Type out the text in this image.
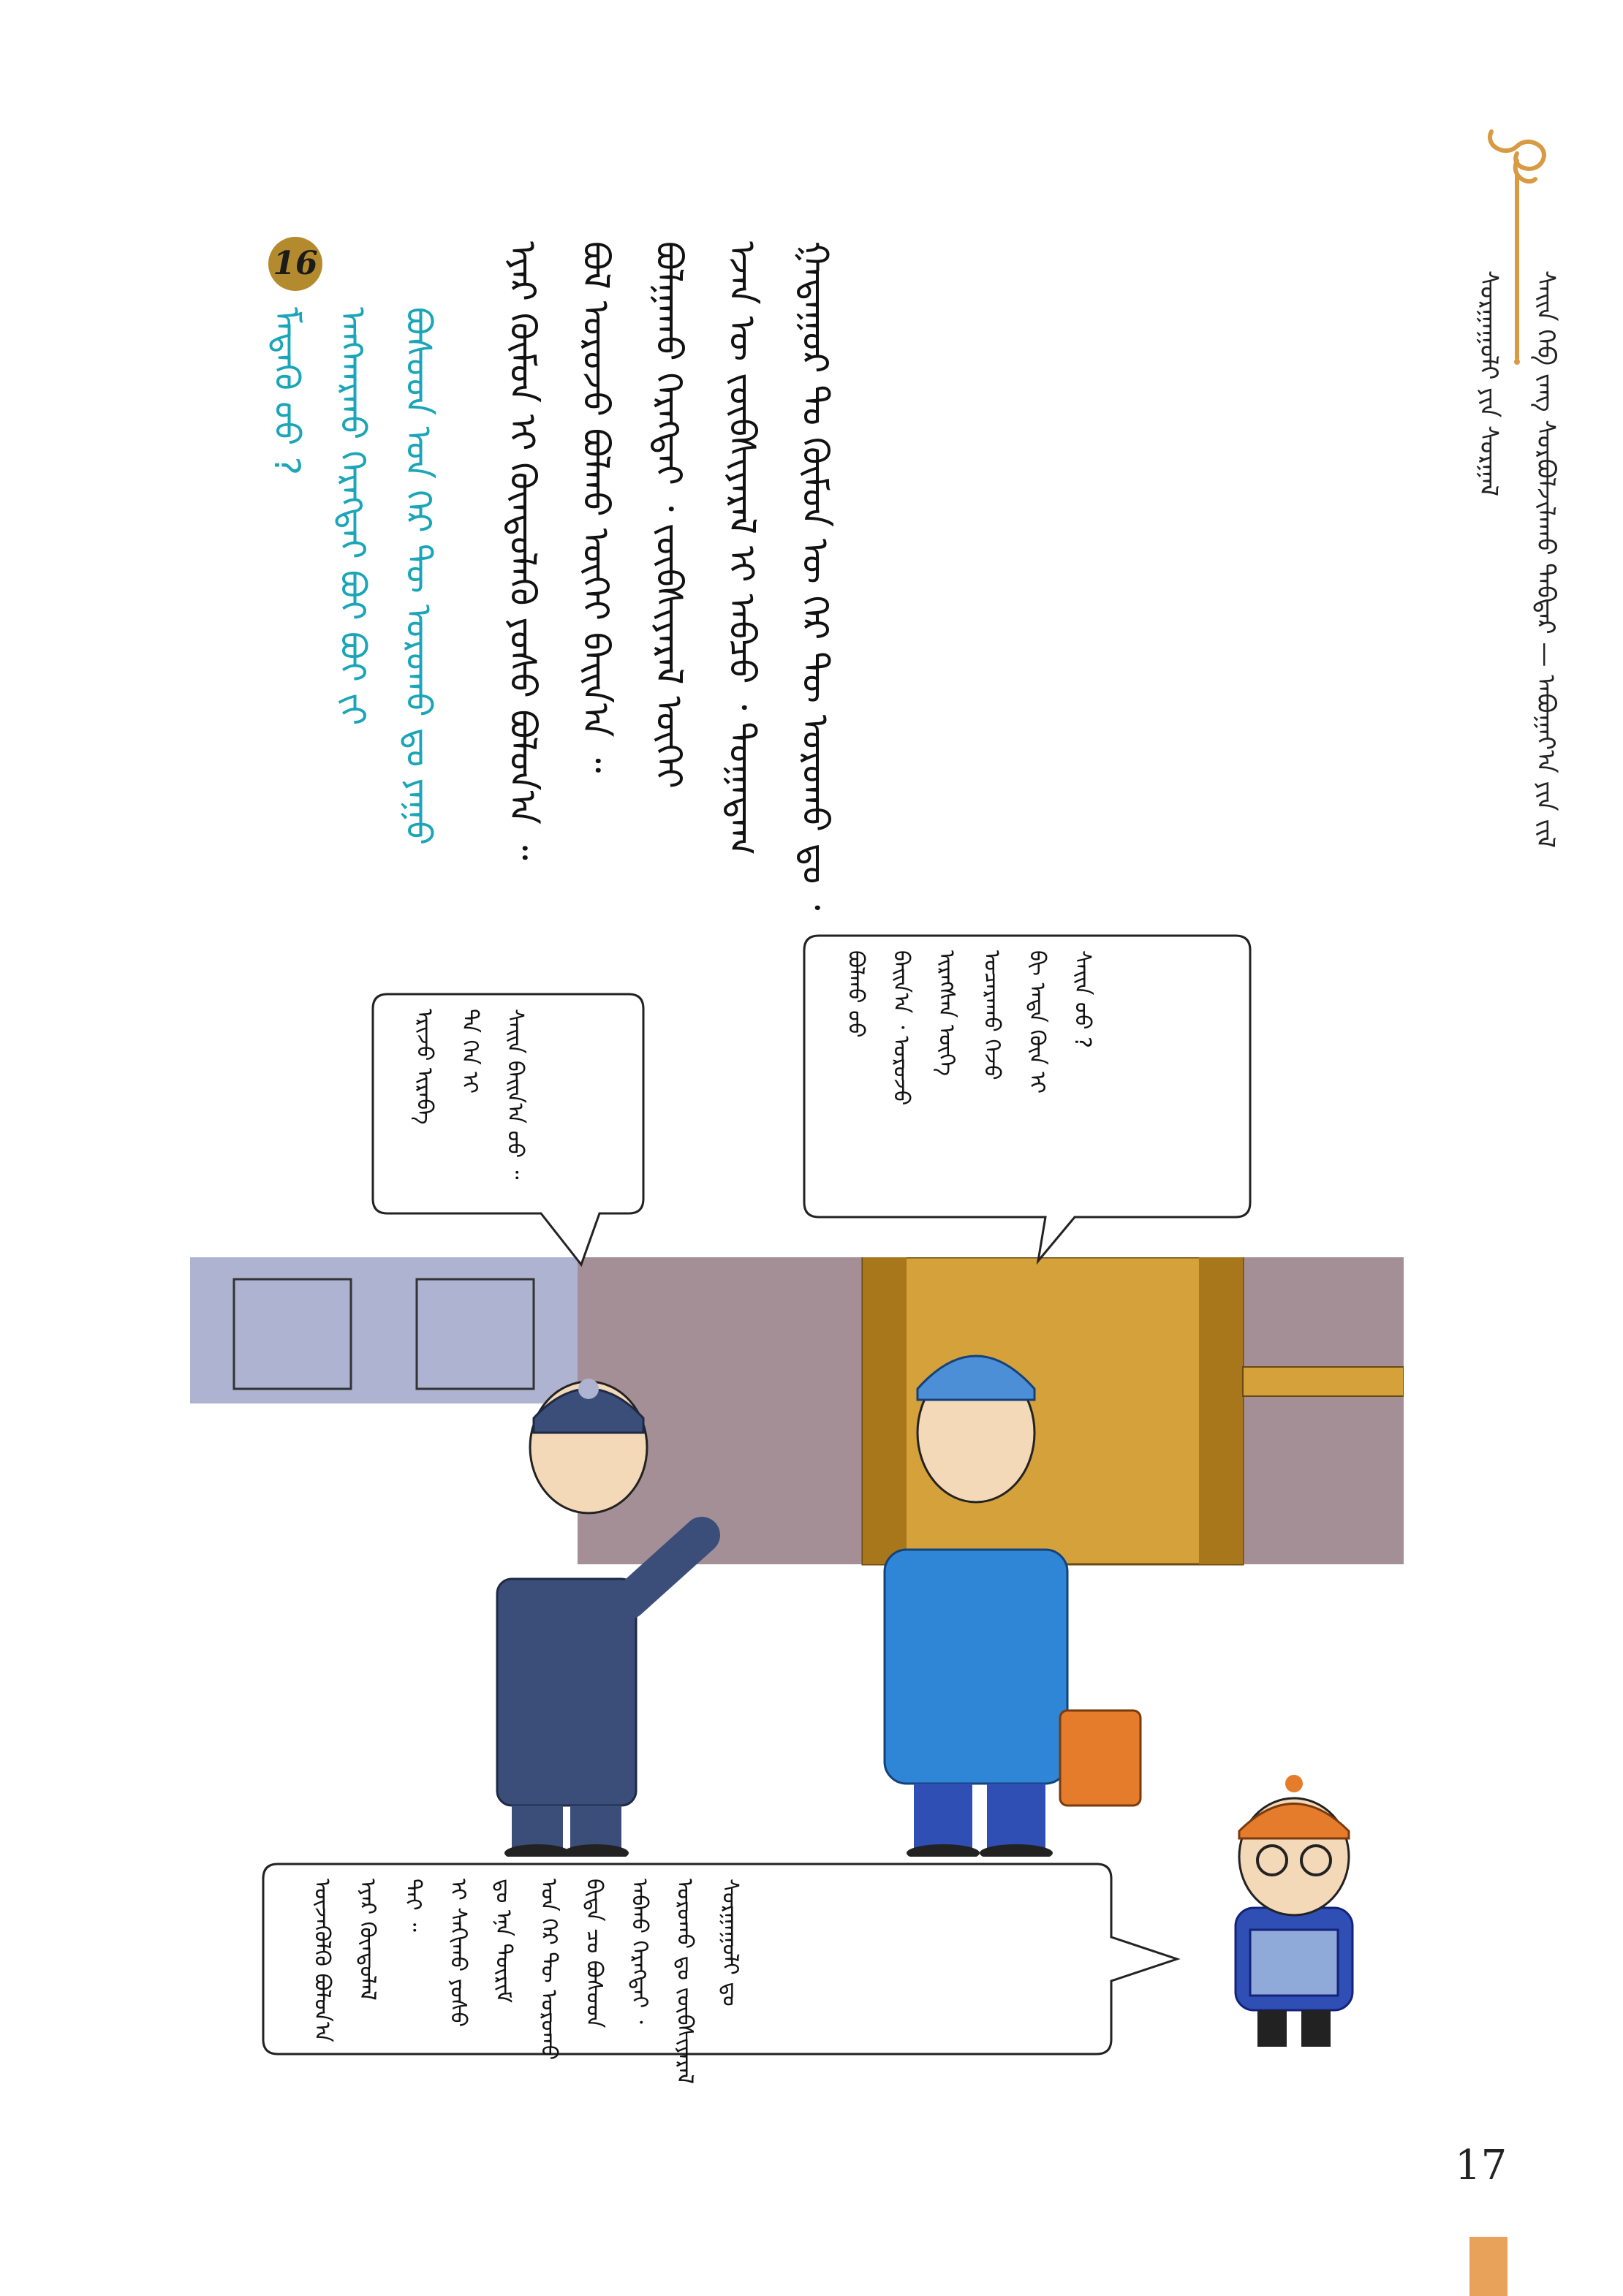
ᠰᠤᠷᠭᠠᠭᠤᠯᠢ ᠶᠢᠨ ᠰᠤᠷᠭᠠᠯ ᠰᠠᠢᠨ ᠬᠡᠪ ᠵᠠᠩ ᠰᠤᠷᠪᠤᠯᠵᠢᠯᠠᠬᠤ ᠳᠡᠪᠲᠡᠷ — ᠠᠪᠤᠭᠠᠶ᠎ᠠ ᠶᠢᠨ ᠵᠢᠯ
ᠭᠠᠳᠠᠭᠤᠷ ᠲᠤ ᠬᠦᠮᠦᠨ ᠦ ᠭᠡᠷ ᠲᠦ ᠣᠷᠣᠬᠤ ᠳᠤ ᠂
ᠡᠵᠡᠨ ᠦ ᠵᠥᠪᠰᠢᠶᠡᠷᠡᠯ ᠢ ᠠᠪᠴᠤ ᠂ ᠲᠣᠭᠠᠳᠠᠭ
ᠪᠣᠯᠭᠠᠬᠤ ᠬᠡᠷᠡᠭᠲᠡᠢ ᠂ ᠵᠦᠪᠰᠢᠶᠡᠷᠡᠯ ᠦᠭᠡᠢ
ᠪᠣᠯ ᠣᠷᠣᠵᠤ ᠪᠣᠯᠬᠤ ᠦᠭᠡᠢ ᠪᠠᠢᠨ᠎ᠠ ᠃
ᠡᠶᠡᠷ ᠬᠦᠮᠦᠨ ᠢ ᠬᠦᠨᠳᠦᠯᠡᠬᠦ ᠶᠣᠰᠣ ᠪᠣᠯᠤᠨ᠎ᠠ ᠃
16
ᠪᠤᠰᠤᠳ ᠤᠨ ᠭᠡᠷ ᠲᠦ ᠣᠷᠣᠬᠤ ᠳᠤ ᠶᠠᠭᠤ
ᠠᠩᠬᠠᠷᠬᠤ ᠬᠡᠷᠡᠭᠲᠡᠢ ᠪᠤᠢ ᠪᠤᠢ ᠵᠢ
ᠮᠡᠳᠡᠬᠦ ᠦᠦ ?
ᠰᠠᠢᠨ ᠪᠠᠢᠨ᠎ᠠ ᠤᠤ ᠃
ᠲᠠ ᠬᠡᠨ ᠢ
ᠡᠷᠢᠵᠦ ᠢᠷᠡᠪᠡ
ᠰᠠᠢᠨ ᠤᠤ ?
ᠪᠢ ᠡᠨᠳᠡ ᠬᠦᠨ ᠢ
ᠤᠴᠠᠷᠠᠬᠤ ᠭᠡᠵᠦ
ᠢᠷᠡᠭᠰᠡᠨ ᠦᠭᠡ
ᠪᠠᠢᠨ᠎ᠠ ᠂ ᠣᠷᠣᠵᠤ
ᠪᠣᠯᠬᠤ ᠤᠤ
ᠰᠤᠷᠭᠠᠭᠤᠯᠢ ᠳᠤ
ᠣᠷᠣᠬᠤ ᠳᠤ ᠵᠦᠪᠰᠢᠶᠡᠷᠡᠯ
ᠠᠪᠬᠤ ᠬᠡᠷᠡᠭᠲᠡᠢ ᠂
ᠪᠢᠳᠡ ᠴᠤ ᠪᠤᠰᠤᠳ
ᠤᠨ ᠭᠡᠷ ᠲᠦ ᠣᠷᠣᠬᠤ
ᠳᠤ ᠡᠨᠡ ᠳᠦᠷᠢᠮ
ᠢ ᠰᠠᠬᠢᠬᠤ ᠶᠣᠰᠣ
ᠲᠠᠢ ᠃
ᠡᠶᠡᠷ ᠬᠦᠨᠳᠦᠯᠡᠯ
ᠦᠵᠡᠬᠦᠯᠬᠦ ᠪᠣᠯᠤᠨ᠎ᠠ
17
